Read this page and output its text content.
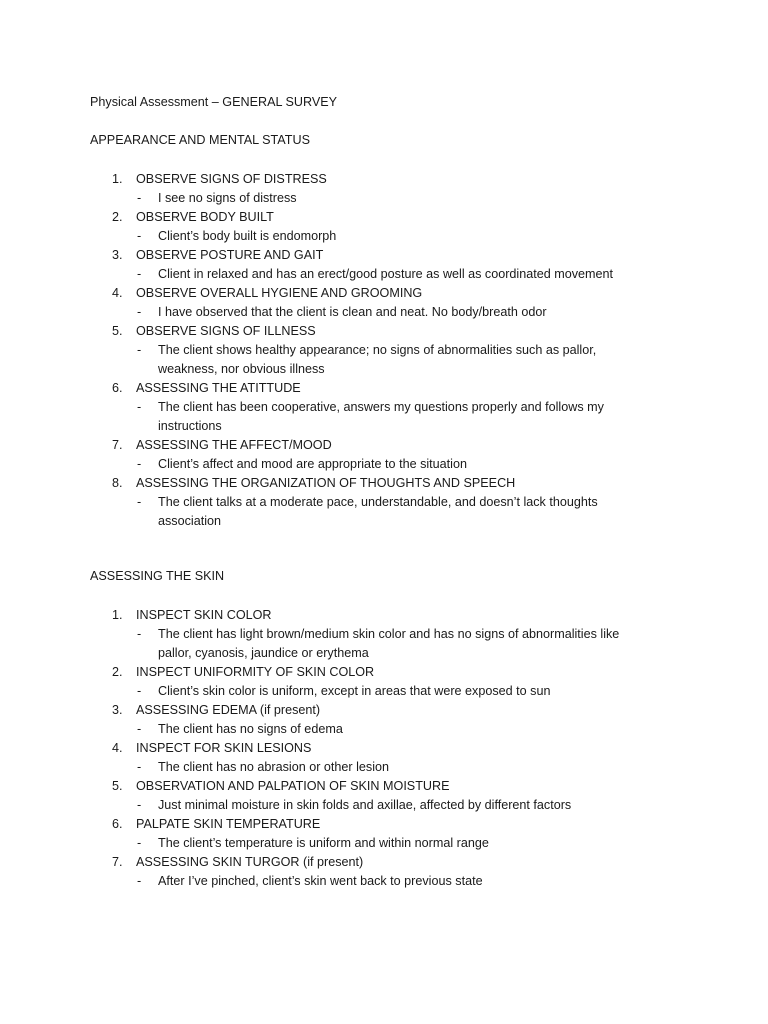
Physical Assessment – GENERAL SURVEY
APPEARANCE AND MENTAL STATUS
1.	OBSERVE SIGNS OF DISTRESS
- I see no signs of distress
2.	OBSERVE BODY BUILT
- Client’s body built is endomorph
3.	OBSERVE POSTURE AND GAIT
- Client in relaxed and has an erect/good posture as well as coordinated movement
4.	OBSERVE OVERALL HYGIENE AND GROOMING
- I have observed that the client is clean and neat. No body/breath odor
5.	OBSERVE SIGNS OF ILLNESS
- The client shows healthy appearance; no signs of abnormalities such as pallor,
weakness, nor obvious illness
6.	ASSESSING THE ATITTUDE
- The client has been cooperative, answers my questions properly and follows my
instructions
7.	ASSESSING THE AFFECT/MOOD
- Client’s affect and mood are appropriate to the situation
8.	ASSESSING THE ORGANIZATION OF THOUGHTS AND SPEECH
- The client talks at a moderate pace, understandable, and doesn’t lack thoughts
association
ASSESSING THE SKIN
1.	INSPECT SKIN COLOR
- The client has light brown/medium skin color and has no signs of abnormalities like
pallor, cyanosis, jaundice or erythema
2.	INSPECT UNIFORMITY OF SKIN COLOR
- Client’s skin color is uniform, except in areas that were exposed to sun
3.	ASSESSING EDEMA (if present)
- The client has no signs of edema
4.	INSPECT FOR SKIN LESIONS
- The client has no abrasion or other lesion
5.	OBSERVATION AND PALPATION OF SKIN MOISTURE
- Just minimal moisture in skin folds and axillae, affected by different factors
6.	PALPATE SKIN TEMPERATURE
- The client’s temperature is uniform and within normal range
7.	ASSESSING SKIN TURGOR (if present)
- After I’ve pinched, client’s skin went back to previous state
